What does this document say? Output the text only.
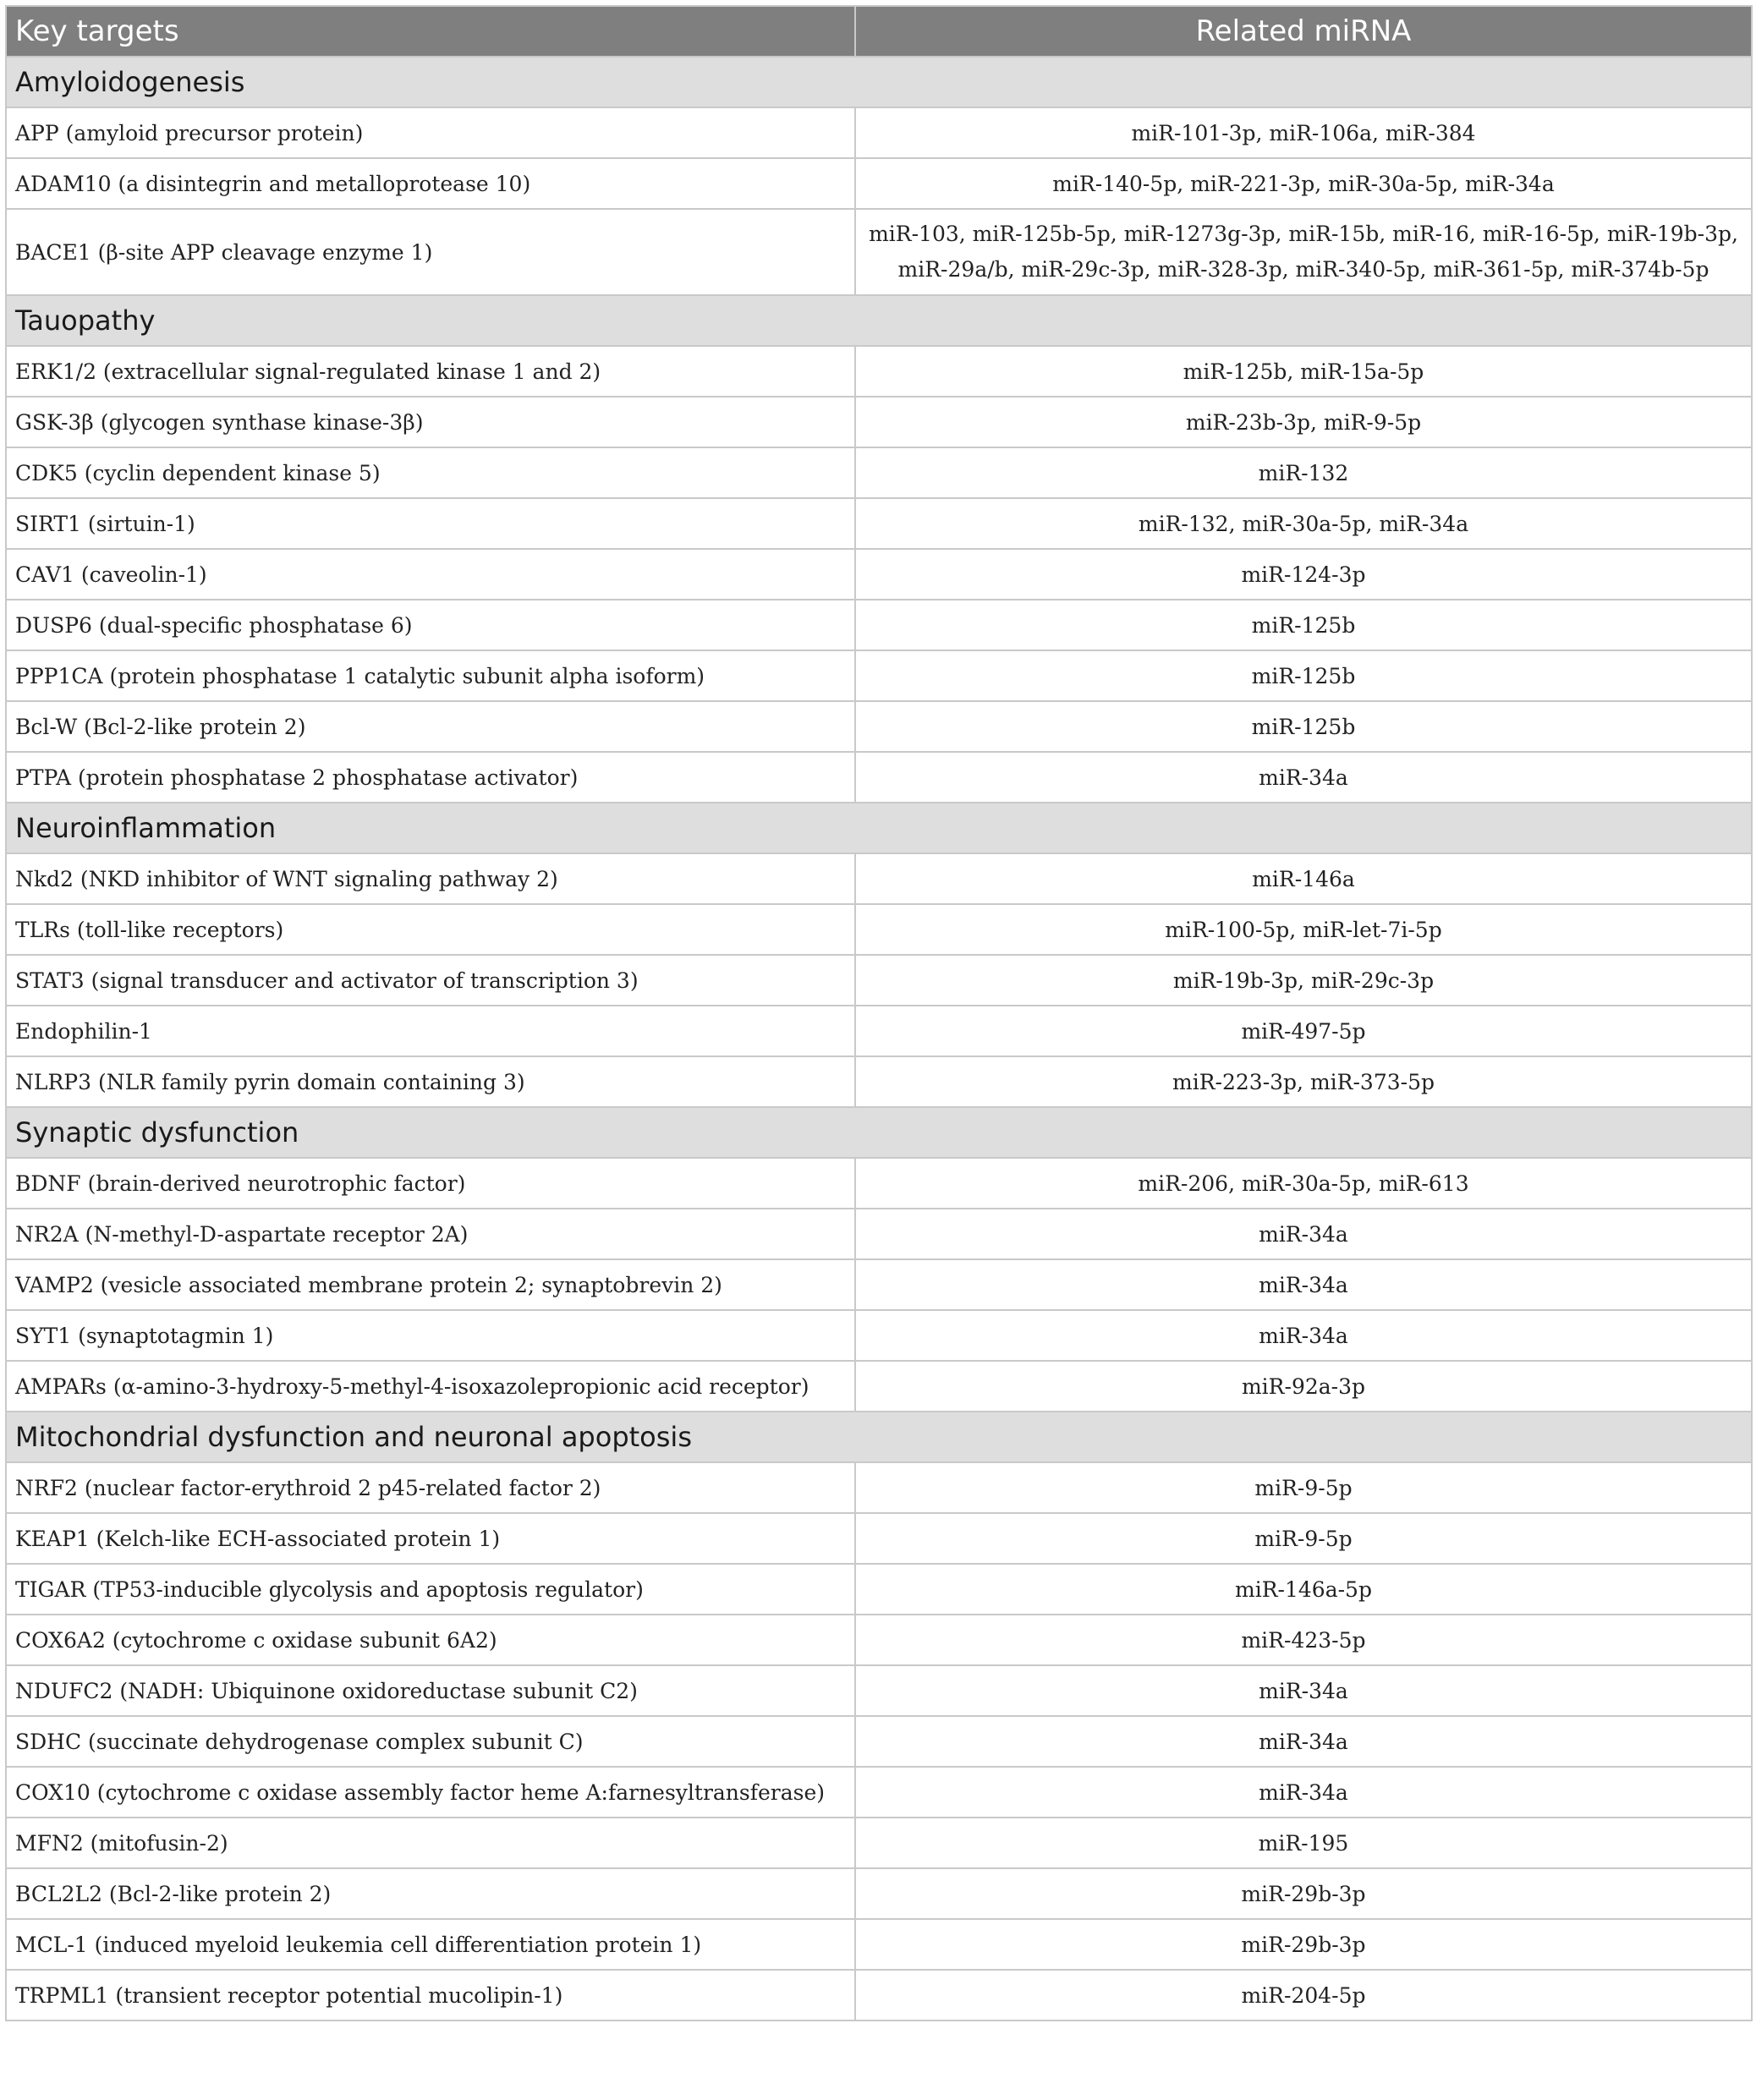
Key targets	Related miRNA
Amyloidogenesis	
APP (amyloid precursor protein)	miR-101-3p, miR-106a, miR-384
ADAM10 (a disintegrin and metalloprotease 10)	miR-140-5p, miR-221-3p, miR-30a-5p, miR-34a
BACE1 (β-site APP cleavage enzyme 1)	miR-103, miR-125b-5p, miR-1273g-3p, miR-15b, miR-16, miR-16-5p, miR-19b-3p, miR-29a/b, miR-29c-3p, miR-328-3p, miR-340-5p, miR-361-5p, miR-374b-5p
Tauopathy	
ERK1/2 (extracellular signal-regulated kinase 1 and 2)	miR-125b, miR-15a-5p
GSK-3β (glycogen synthase kinase-3β)	miR-23b-3p, miR-9-5p
CDK5 (cyclin dependent kinase 5)	miR-132
SIRT1 (sirtuin-1)	miR-132, miR-30a-5p, miR-34a
CAV1 (caveolin-1)	miR-124-3p
DUSP6 (dual-specific phosphatase 6)	miR-125b
PPP1CA (protein phosphatase 1 catalytic subunit alpha isoform)	miR-125b
Bcl-W (Bcl-2-like protein 2)	miR-125b
PTPA (protein phosphatase 2 phosphatase activator)	miR-34a
Neuroinflammation	
Nkd2 (NKD inhibitor of WNT signaling pathway 2)	miR-146a
TLRs (toll-like receptors)	miR-100-5p, miR-let-7i-5p
STAT3 (signal transducer and activator of transcription 3)	miR-19b-3p, miR-29c-3p
Endophilin-1	miR-497-5p
NLRP3 (NLR family pyrin domain containing 3)	miR-223-3p, miR-373-5p
Synaptic dysfunction	
BDNF (brain-derived neurotrophic factor)	miR-206, miR-30a-5p, miR-613
NR2A (N-methyl-D-aspartate receptor 2A)	miR-34a
VAMP2 (vesicle associated membrane protein 2; synaptobrevin 2)	miR-34a
SYT1 (synaptotagmin 1)	miR-34a
AMPARs (α-amino-3-hydroxy-5-methyl-4-isoxazolepropionic acid receptor)	miR-92a-3p
Mitochondrial dysfunction and neuronal apoptosis	
NRF2 (nuclear factor-erythroid 2 p45-related factor 2)	miR-9-5p
KEAP1 (Kelch-like ECH-associated protein 1)	miR-9-5p
TIGAR (TP53-inducible glycolysis and apoptosis regulator)	miR-146a-5p
COX6A2 (cytochrome c oxidase subunit 6A2)	miR-423-5p
NDUFC2 (NADH: Ubiquinone oxidoreductase subunit C2)	miR-34a
SDHC (succinate dehydrogenase complex subunit C)	miR-34a
COX10 (cytochrome c oxidase assembly factor heme A:farnesyltransferase)	miR-34a
MFN2 (mitofusin-2)	miR-195
BCL2L2 (Bcl-2-like protein 2)	miR-29b-3p
MCL-1 (induced myeloid leukemia cell differentiation protein 1)	miR-29b-3p
TRPML1 (transient receptor potential mucolipin-1)	miR-204-5p
